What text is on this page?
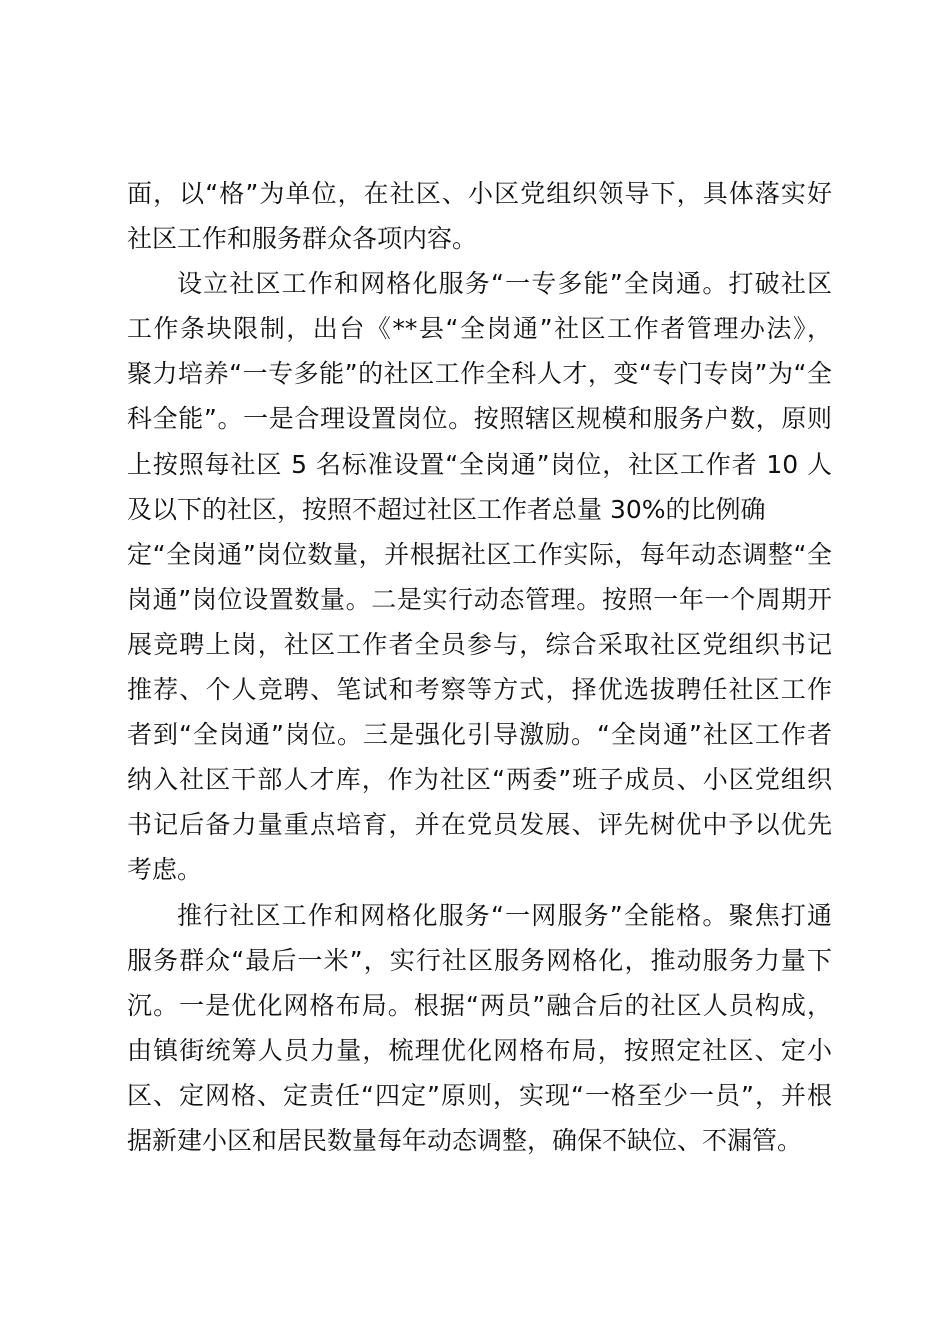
面，以“格”为单位，在社区、小区党组织领导下，具体落实好
社区工作和服务群众各项内容。
设立社区工作和网格化服务“一专多能”全岗通。打破社区
工作条块限制，出台《**县“全岗通”社区工作者管理办法》，
聚力培养“一专多能”的社区工作全科人才，变“专门专岗”为“全
科全能”。一是合理设置岗位。按照辖区规模和服务户数，原则
上按照每社区 5 名标准设置“全岗通”岗位，社区工作者 10 人
及以下的社区，按照不超过社区工作者总量 30%的比例确
定“全岗通”岗位数量，并根据社区工作实际，每年动态调整“全
岗通”岗位设置数量。二是实行动态管理。按照一年一个周期开
展竞聘上岗，社区工作者全员参与，综合采取社区党组织书记
推荐、个人竞聘、笔试和考察等方式，择优选拔聘任社区工作
者到“全岗通”岗位。三是强化引导激励。“全岗通”社区工作者
纳入社区干部人才库，作为社区“两委”班子成员、小区党组织
书记后备力量重点培育，并在党员发展、评先树优中予以优先
考虑。
推行社区工作和网格化服务“一网服务”全能格。聚焦打通
服务群众“最后一米”，实行社区服务网格化，推动服务力量下
沉。一是优化网格布局。根据“两员”融合后的社区人员构成，
由镇街统筹人员力量，梳理优化网格布局，按照定社区、定小
区、定网格、定责任“四定”原则，实现“一格至少一员”，并根
据新建小区和居民数量每年动态调整，确保不缺位、不漏管。
